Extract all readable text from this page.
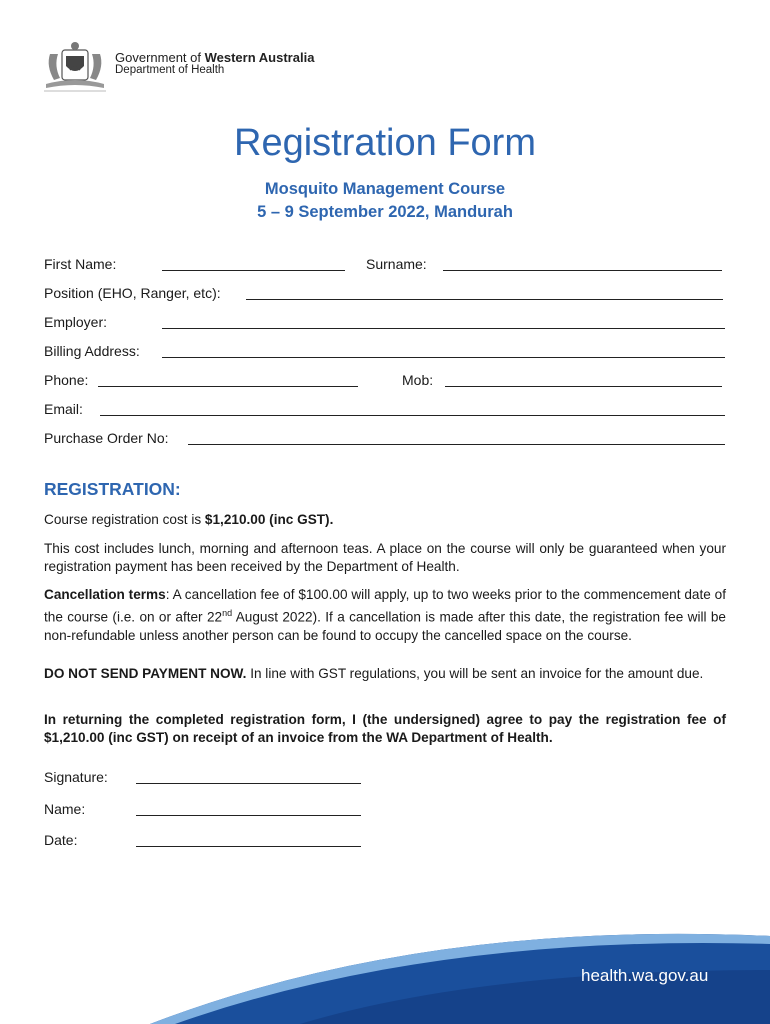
Government of Western Australia
Department of Health
Registration Form
Mosquito Management Course
5 – 9 September 2022, Mandurah
First Name:	Surname:
Position (EHO, Ranger, etc):
Employer:
Billing Address:
Phone:	Mob:
Email:
Purchase Order No:
REGISTRATION:
Course registration cost is $1,210.00 (inc GST).
This cost includes lunch, morning and afternoon teas. A place on the course will only be guaranteed when your registration payment has been received by the Department of Health.
Cancellation terms: A cancellation fee of $100.00 will apply, up to two weeks prior to the commencement date of the course (i.e. on or after 22nd August 2022). If a cancellation is made after this date, the registration fee will be non-refundable unless another person can be found to occupy the cancelled space on the course.
DO NOT SEND PAYMENT NOW. In line with GST regulations, you will be sent an invoice for the amount due.
In returning the completed registration form, I (the undersigned) agree to pay the registration fee of $1,210.00 (inc GST) on receipt of an invoice from the WA Department of Health.
Signature:
Name:
Date:
health.wa.gov.au
